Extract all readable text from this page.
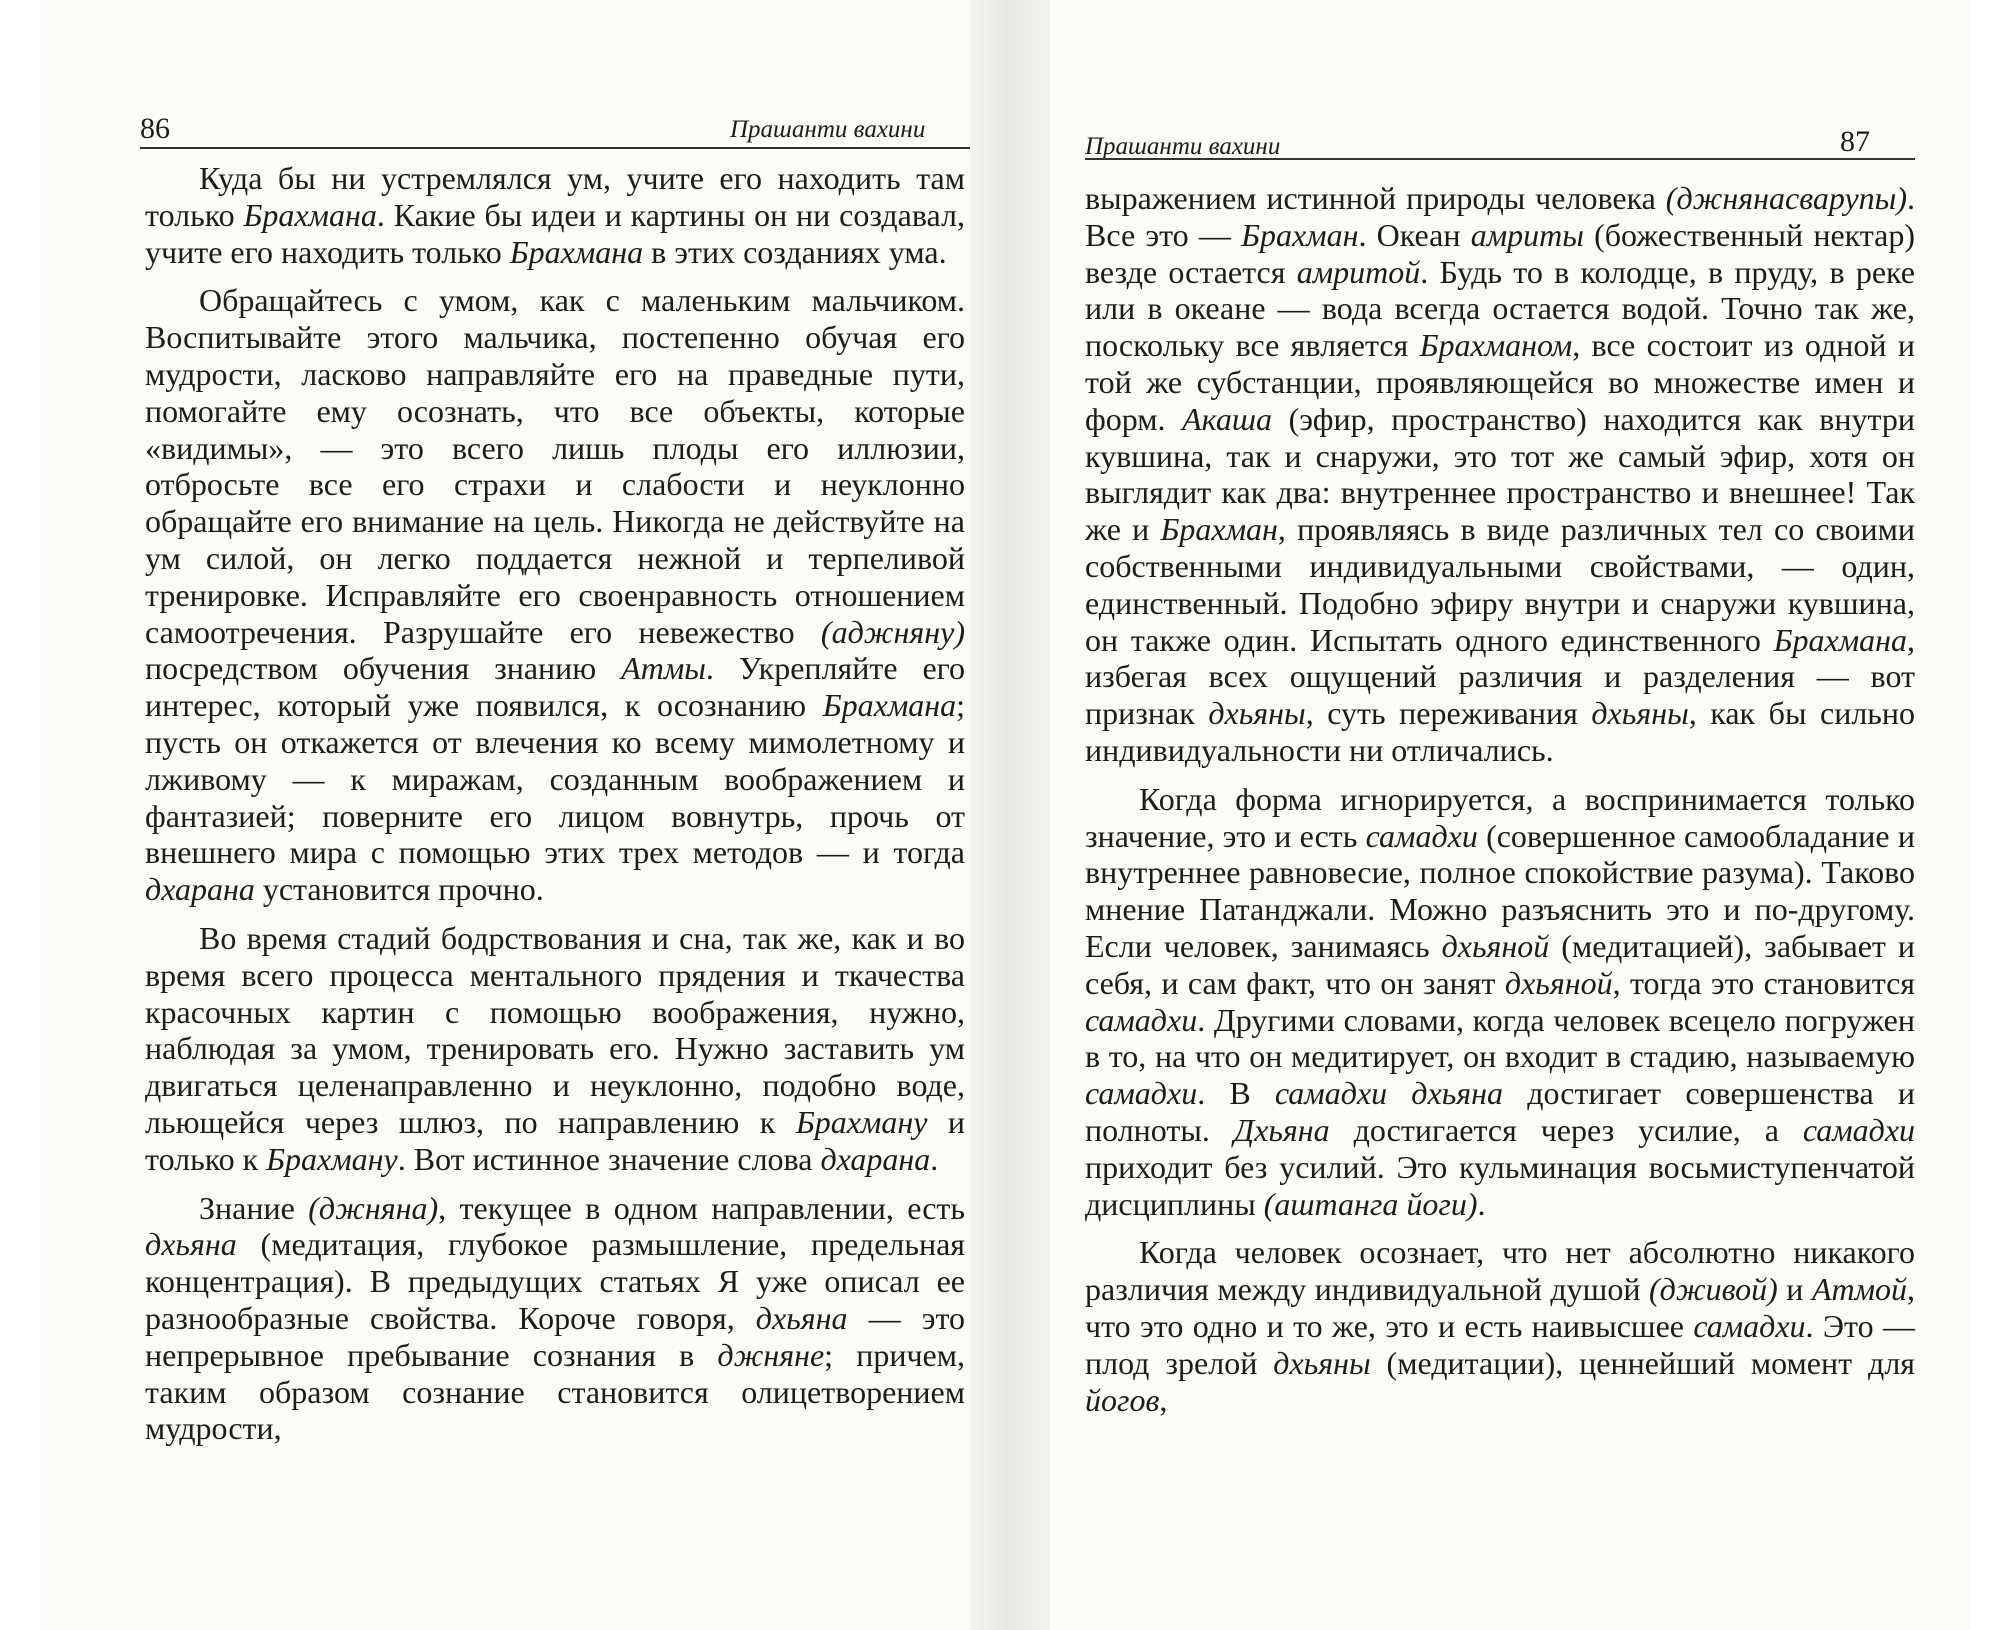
86	Прашанти вахини

Куда бы ни устремлялся ум, учите его находить там только Брахмана. Какие бы идеи и картины он ни создавал, учите его находить только Брахмана в этих созданиях ума.

Обращайтесь с умом, как с маленьким мальчиком. Воспитывайте этого мальчика, постепенно обучая его мудрости, ласково направляйте его на праведные пути, помогайте ему осознать, что все объекты, которые «видимы», — это всего лишь плоды его иллюзии, отбросьте все его страхи и слабости и неуклонно обращайте его внимание на цель. Никогда не действуйте на ум силой, он легко поддается нежной и терпеливой тренировке. Исправляйте его своенравность отношением самоотречения. Разрушайте его невежество (аджняну) посредством обучения знанию Атмы. Укрепляйте его интерес, который уже появился, к осознанию Брахмана; пусть он откажется от влечения ко всему мимолетному и лживому — к миражам, созданным воображением и фантазией; поверните его лицом вовнутрь, прочь от внешнего мира с помощью этих трех методов — и тогда дхарана установится прочно.

Во время стадий бодрствования и сна, так же, как и во время всего процесса ментального прядения и ткачества красочных картин с помощью воображения, нужно, наблюдая за умом, тренировать его. Нужно заставить ум двигаться целенаправленно и неуклонно, подобно воде, льющейся через шлюз, по направлению к Брахману и только к Брахману. Вот истинное значение слова дхарана.

Знание (джняна), текущее в одном направлении, есть дхьяна (медитация, глубокое размышление, предельная концентрация). В предыдущих статьях Я уже описал ее разнообразные свойства. Короче говоря, дхьяна — это непрерывное пребывание сознания в джняне; причем, таким образом сознание становится олицетворением мудрости,

Прашанти вахини	87

выражением истинной природы человека (джнянасварупы). Все это — Брахман. Океан амриты (божественный нектар) везде остается амритой. Будь то в колодце, в пруду, в реке или в океане — вода всегда остается водой. Точно так же, поскольку все является Брахманом, все состоит из одной и той же субстанции, проявляющейся во множестве имен и форм. Акаша (эфир, пространство) находится как внутри кувшина, так и снаружи, это тот же самый эфир, хотя он выглядит как два: внутреннее пространство и внешнее! Так же и Брахман, проявляясь в виде различных тел со своими собственными индивидуальными свойствами, — один, единственный. Подобно эфиру внутри и снаружи кувшина, он также один. Испытать одного единственного Брахмана, избегая всех ощущений различия и разделения — вот признак дхьяны, суть переживания дхьяны, как бы сильно индивидуальности ни отличались.

Когда форма игнорируется, а воспринимается только значение, это и есть самадхи (совершенное самообладание и внутреннее равновесие, полное спокойствие разума). Таково мнение Патанджали. Можно разъяснить это и по-другому. Если человек, занимаясь дхьяной (медитацией), забывает и себя, и сам факт, что он занят дхьяной, тогда это становится самадхи. Другими словами, когда человек всецело погружен в то, на что он медитирует, он входит в стадию, называемую самадхи. В самадхи дхьяна достигает совершенства и полноты. Дхьяна достигается через усилие, а самадхи приходит без усилий. Это кульминация восьмиступенчатой дисциплины (аштанга йоги).

Когда человек осознает, что нет абсолютно никакого различия между индивидуальной душой (дживой) и Атмой, что это одно и то же, это и есть наивысшее самадхи. Это — плод зрелой дхьяны (медитации), ценнейший момент для йогов,
